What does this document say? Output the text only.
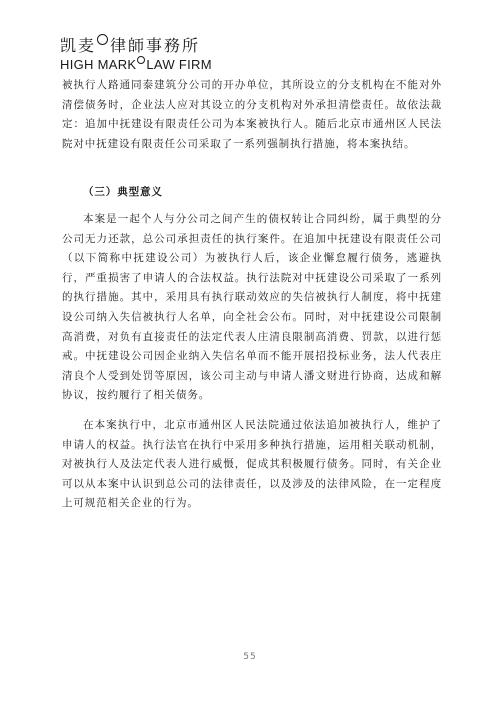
凯麦 律師事務所
HIGH MARK LAW FIRM

被执行人路通同泰建筑分公司的开办单位，其所设立的分支机构在不能对外清偿债务时，企业法人应对其设立的分支机构对外承担清偿责任。故依法裁定：追加中抚建设有限责任公司为本案被执行人。随后北京市通州区人民法院对中抚建设有限责任公司采取了一系列强制执行措施，将本案执结。

（三）典型意义

本案是一起个人与分公司之间产生的债权转让合同纠纷，属于典型的分公司无力还款，总公司承担责任的执行案件。在追加中抚建设有限责任公司（以下简称中抚建设公司）为被执行人后，该企业懈怠履行债务，逃避执行，严重损害了申请人的合法权益。执行法院对中抚建设公司采取了一系列的执行措施。其中，采用具有执行联动效应的失信被执行人制度，将中抚建设公司纳入失信被执行人名单，向全社会公布。同时，对中抚建设公司限制高消费，对负有直接责任的法定代表人庄清良限制高消费、罚款，以进行惩戒。中抚建设公司因企业纳入失信名单而不能开展招投标业务，法人代表庄清良个人受到处罚等原因，该公司主动与申请人潘文财进行协商，达成和解协议，按约履行了相关债务。

在本案执行中，北京市通州区人民法院通过依法追加被执行人，维护了申请人的权益。执行法官在执行中采用多种执行措施，运用相关联动机制，对被执行人及法定代表人进行威慑，促成其积极履行债务。同时，有关企业可以从本案中认识到总公司的法律责任，以及涉及的法律风险，在一定程度上可规范相关企业的行为。

55
